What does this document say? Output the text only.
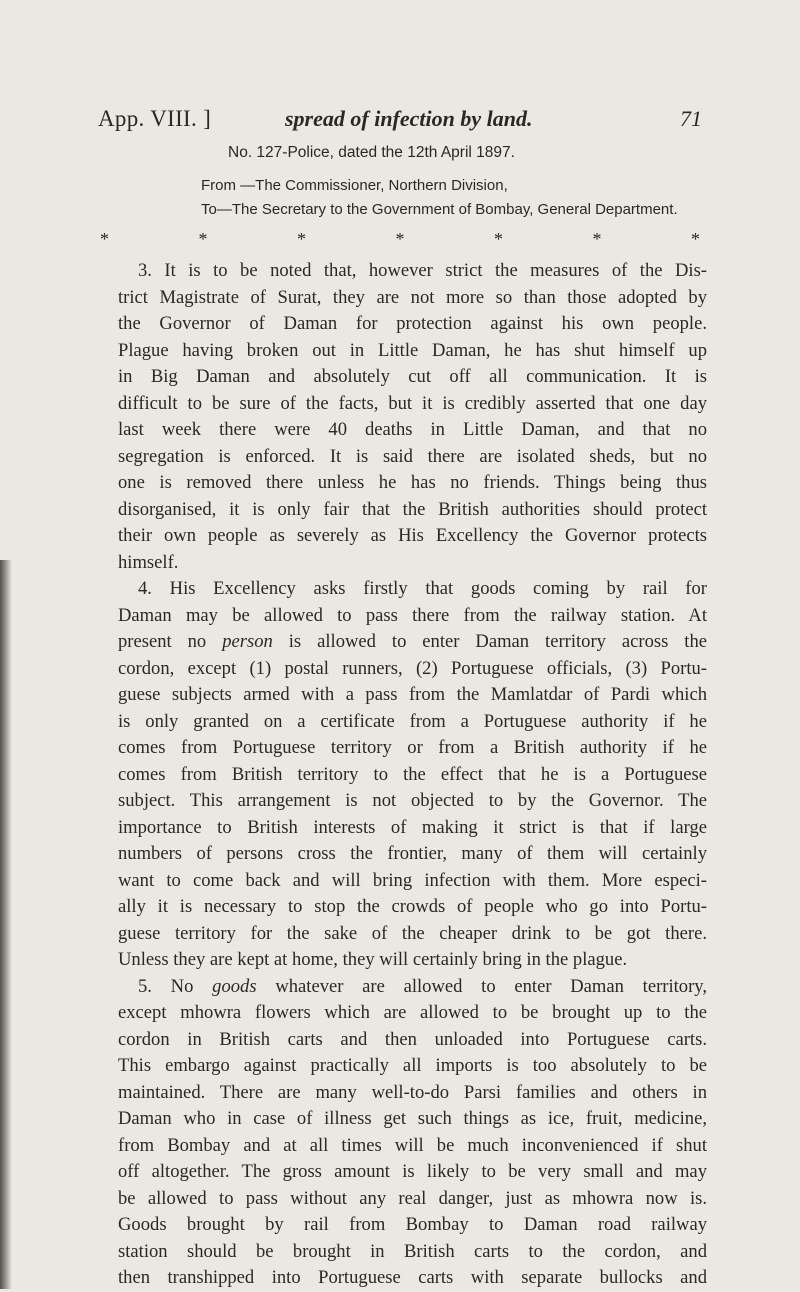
App. VIII. ]	spread of infection by land.	71
No. 127-Police, dated the 12th April 1897.
From —The Commissioner, Northern Division,
To—The Secretary to the Government of Bombay, General Department.
*	*	*	*	*	*	*
3. It is to be noted that, however strict the measures of the Dis-
trict Magistrate of Surat, they are not more so than those adopted by
the Governor of Daman for protection against his own people.
Plague having broken out in Little Daman, he has shut himself up
in Big Daman and absolutely cut off all communication. It is
difficult to be sure of the facts, but it is credibly asserted that one day
last week there were 40 deaths in Little Daman, and that no
segregation is enforced. It is said there are isolated sheds, but no
one is removed there unless he has no friends. Things being thus
disorganised, it is only fair that the British authorities should protect
their own people as severely as His Excellency the Governor protects
himself.
4. His Excellency asks firstly that goods coming by rail for
Daman may be allowed to pass there from the railway station. At
present no person is allowed to enter Daman territory across the
cordon, except (1) postal runners, (2) Portuguese officials, (3) Portu-
guese subjects armed with a pass from the Mamlatdar of Pardi which
is only granted on a certificate from a Portuguese authority if he
comes from Portuguese territory or from a British authority if he
comes from British territory to the effect that he is a Portuguese
subject. This arrangement is not objected to by the Governor. The
importance to British interests of making it strict is that if large
numbers of persons cross the frontier, many of them will certainly
want to come back and will bring infection with them. More especi-
ally it is necessary to stop the crowds of people who go into Portu-
guese territory for the sake of the cheaper drink to be got there.
Unless they are kept at home, they will certainly bring in the plague.
5. No goods whatever are allowed to enter Daman territory,
except mhowra flowers which are allowed to be brought up to the
cordon in British carts and then unloaded into Portuguese carts.
This embargo against practically all imports is too absolutely to be
maintained. There are many well-to-do Parsi families and others in
Daman who in case of illness get such things as ice, fruit, medicine,
from Bombay and at all times will be much inconvenienced if shut
off altogether. The gross amount is likely to be very small and may
be allowed to pass without any real danger, just as mhowra now is.
Goods brought by rail from Bombay to Daman road railway
station should be brought in British carts to the cordon, and
then transhipped into Portuguese carts with separate bullocks and
